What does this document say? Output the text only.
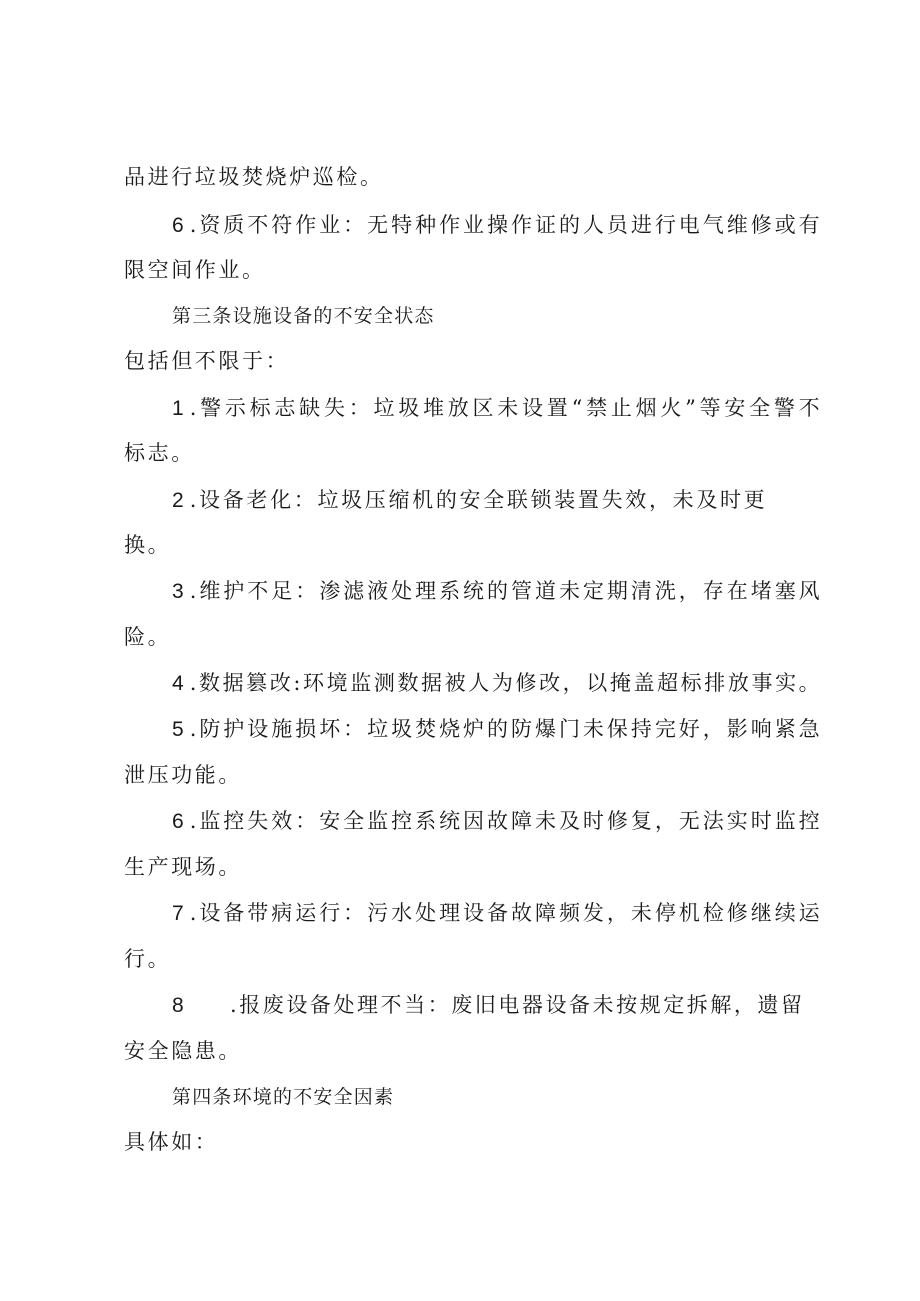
品进行垃圾焚烧炉巡检。
6 .资质不符作业：无特种作业操作证的人员进行电气维修或有
限空间作业。
第三条设施设备的不安全状态
包括但不限于：
1 .警示标志缺失：垃圾堆放区未设置“禁止烟火”等安全警不
标志。
2 .设备老化：垃圾压缩机的安全联锁装置失效，未及时更
换。
3 .维护不足：渗滤液处理系统的管道未定期清洗，存在堵塞风
险。
4 .数据篡改:环境监测数据被人为修改，以掩盖超标排放事实。
5 .防护设施损坏：垃圾焚烧炉的防爆门未保持完好，影响紧急
泄压功能。
6 .监控失效：安全监控系统因故障未及时修复，无法实时监控
生产现场。
7 .设备带病运行：污水处理设备故障频发，未停机检修继续运
行。
8 .报废设备处理不当：废旧电器设备未按规定拆解，遗留
安全隐患。
第四条环境的不安全因素
具体如：
